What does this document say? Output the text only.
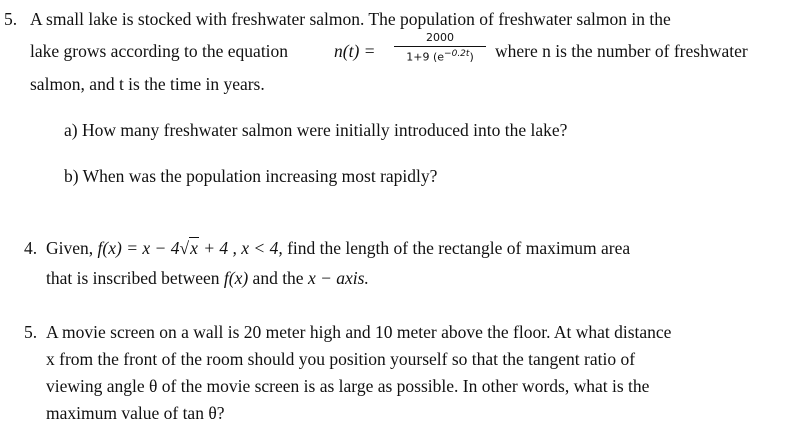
5. A small lake is stocked with freshwater salmon. The population of freshwater salmon in the
lake grows according to the equation	n(t) =
2000
1+9 $(e^{-0.2t})$	where n is the number of freshwater
salmon, and t is the time in years.
a) How many freshwater salmon were initially introduced into the lake?
b) When was the population increasing most rapidly?
4. Given, f(x) = x − 4√x + 4 , x < 4, find the length of the rectangle of maximum area
that is inscribed between f(x) and the x − axis.
5. A movie screen on a wall is 20 meter high and 10 meter above the floor. At what distance
x from the front of the room should you position yourself so that the tangent ratio of
viewing angle θ of the movie screen is as large as possible. In other words, what is the
maximum value of tan θ?
